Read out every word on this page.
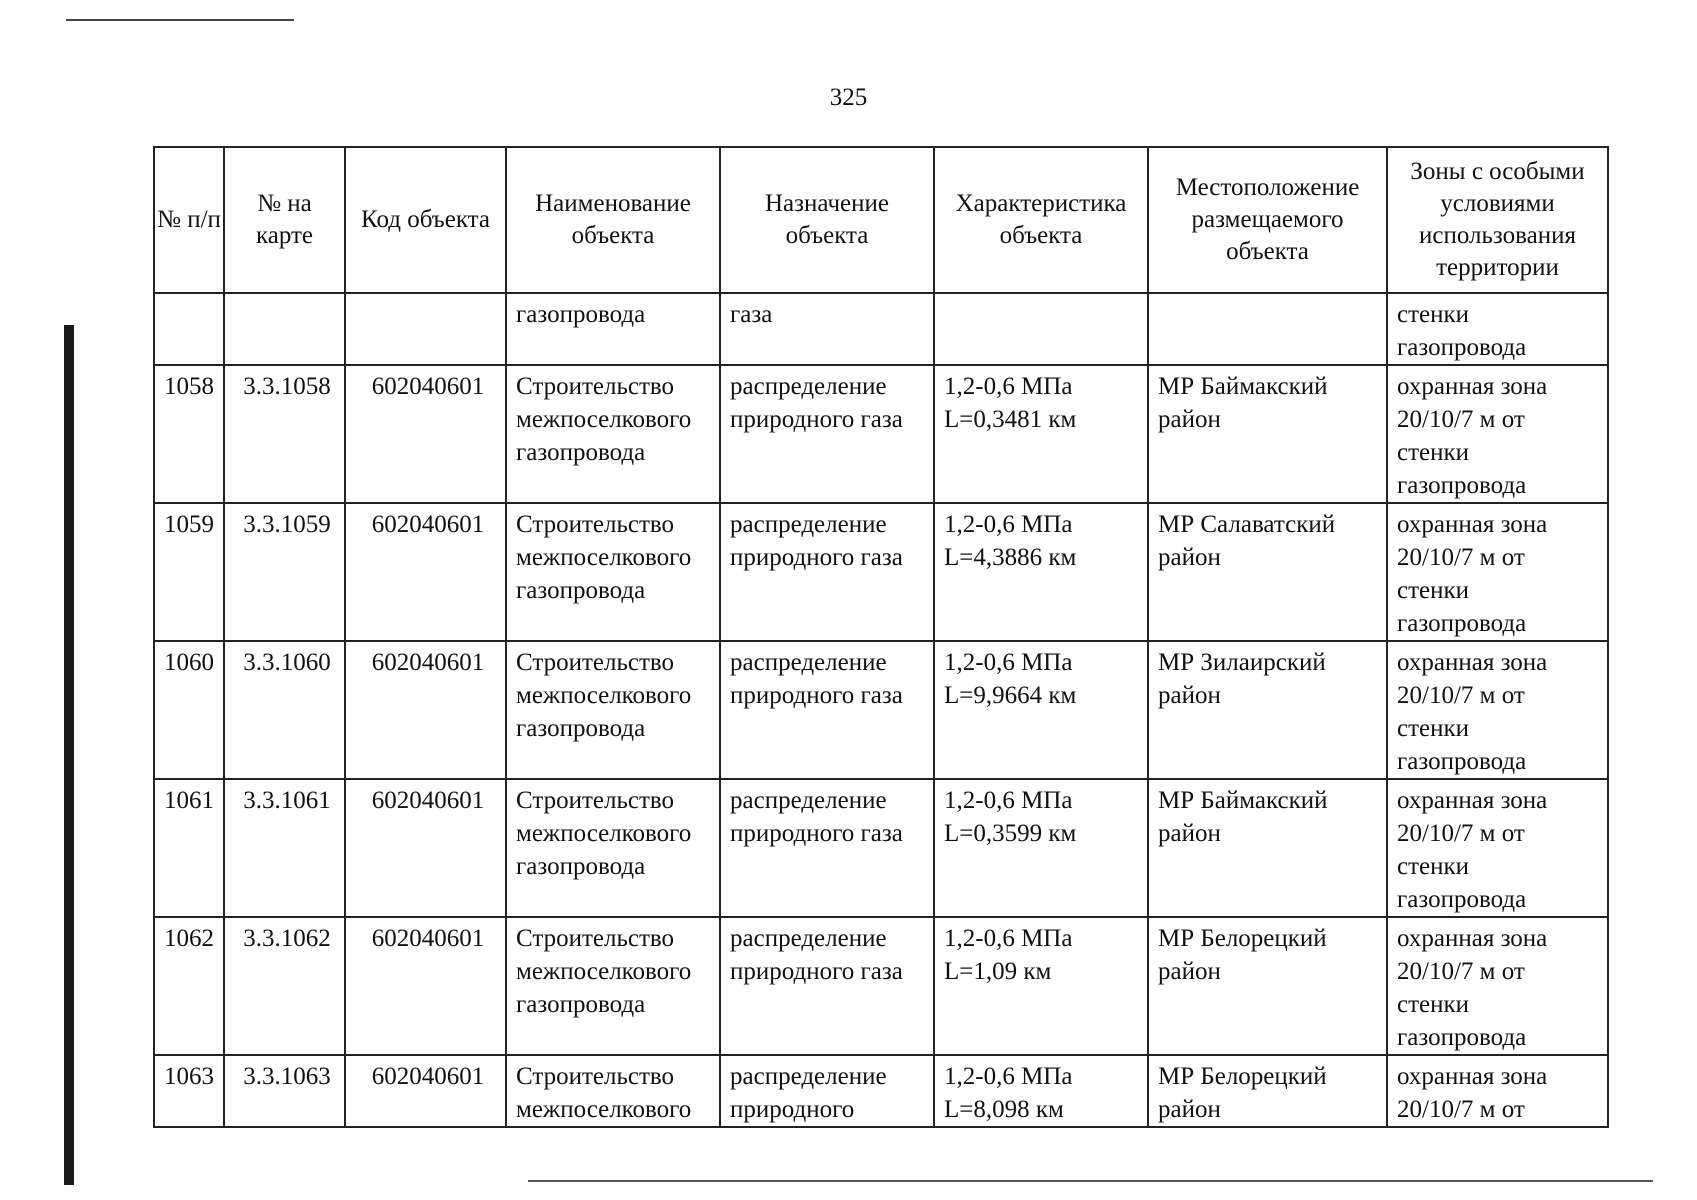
325
№ п/п	№ на карте	Код объекта	Наименование объекта	Назначение объекта	Характеристика объекта	Местоположение размещаемого объекта	Зоны с особыми условиями использования территории
			газопровода	газа			стенки газопровода
1058	3.3.1058	602040601	Строительство межпоселкового газопровода	распределение природного газа	1,2-0,6 МПа L=0,3481 км	МР Баймакский район	охранная зона 20/10/7 м от стенки газопровода
1059	3.3.1059	602040601	Строительство межпоселкового газопровода	распределение природного газа	1,2-0,6 МПа L=4,3886 км	МР Салаватский район	охранная зона 20/10/7 м от стенки газопровода
1060	3.3.1060	602040601	Строительство межпоселкового газопровода	распределение природного газа	1,2-0,6 МПа L=9,9664 км	МР Зилаирский район	охранная зона 20/10/7 м от стенки газопровода
1061	3.3.1061	602040601	Строительство межпоселкового газопровода	распределение природного газа	1,2-0,6 МПа L=0,3599 км	МР Баймакский район	охранная зона 20/10/7 м от стенки газопровода
1062	3.3.1062	602040601	Строительство межпоселкового газопровода	распределение природного газа	1,2-0,6 МПа L=1,09 км	МР Белорецкий район	охранная зона 20/10/7 м от стенки газопровода
1063	3.3.1063	602040601	Строительство межпоселкового	распределение природного	1,2-0,6 МПа L=8,098 км	МР Белорецкий район	охранная зона 20/10/7 м от
